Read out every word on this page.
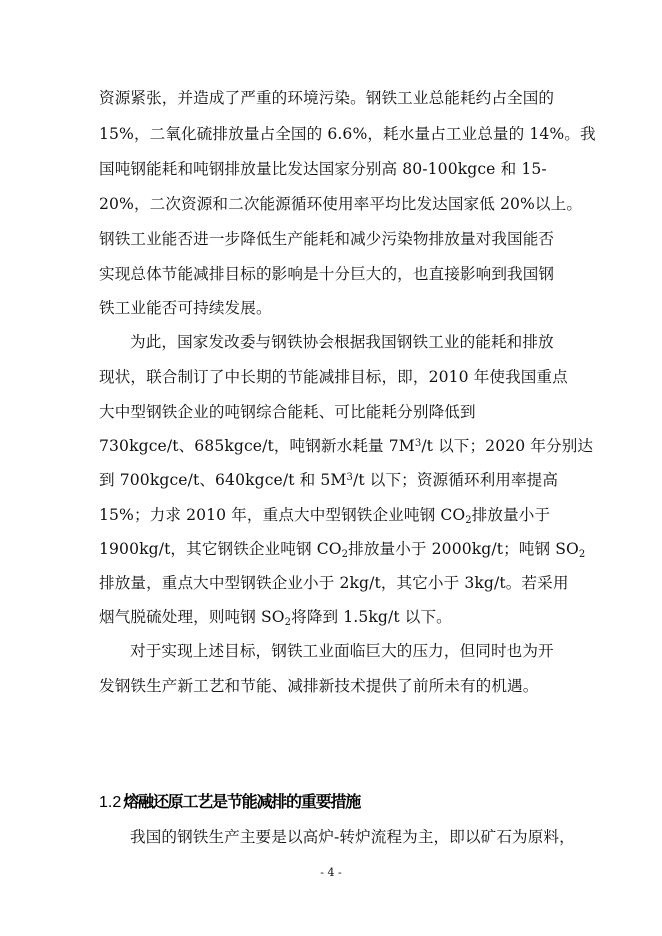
资源紧张，并造成了严重的环境污染。钢铁工业总能耗约占全国的
15%，二氧化硫排放量占全国的 6.6%，耗水量占工业总量的 14%。我
国吨钢能耗和吨钢排放量比发达国家分别高 80-100kgce 和 15-
20%，二次资源和二次能源循环使用率平均比发达国家低 20%以上。
钢铁工业能否进一步降低生产能耗和减少污染物排放量对我国能否
实现总体节能减排目标的影响是十分巨大的，也直接影响到我国钢
铁工业能否可持续发展。
为此，国家发改委与钢铁协会根据我国钢铁工业的能耗和排放
现状，联合制订了中长期的节能减排目标，即，2010 年使我国重点
大中型钢铁企业的吨钢综合能耗、可比能耗分别降低到
730kgce/t、685kgce/t，吨钢新水耗量 $7M^3/t$ 以下；2020 年分别达
到 700kgce/t、640kgce/t 和 $5M^3/t$ 以下；资源循环利用率提高
15%；力求 2010 年，重点大中型钢铁企业吨钢 $CO_2$排放量小于
1900kg/t，其它钢铁企业吨钢 $CO_2$排放量小于 2000kg/t；吨钢 $SO_2$
排放量，重点大中型钢铁企业小于 2kg/t，其它小于 3kg/t。若采用
烟气脱硫处理，则吨钢 $SO_2$将降到 1.5kg/t 以下。
对于实现上述目标，钢铁工业面临巨大的压力，但同时也为开
发钢铁生产新工艺和节能、减排新技术提供了前所未有的机遇。
1.2 熔融还原工艺是节能减排的重要措施
我国的钢铁生产主要是以高炉-转炉流程为主，即以矿石为原料，
- 4 -
